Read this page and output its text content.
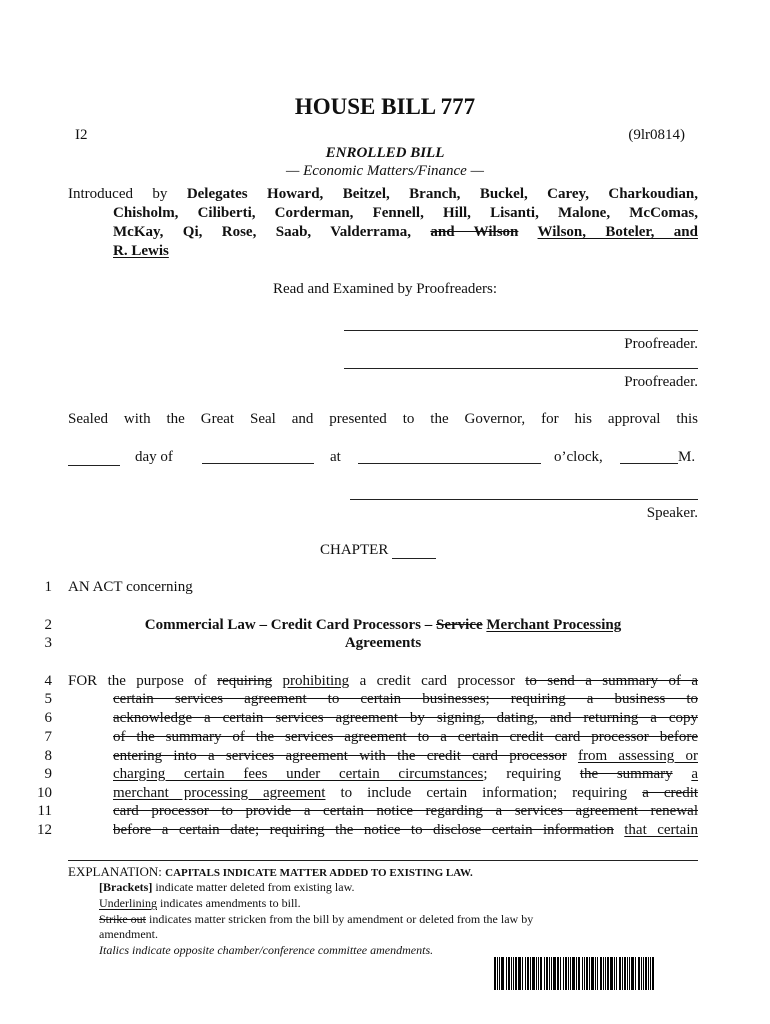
HOUSE BILL 777
I2	(9lr0814)
ENROLLED BILL
— Economic Matters/Finance —
Introduced by Delegates Howard, Beitzel, Branch, Buckel, Carey, Charkoudian,
Chisholm, Ciliberti, Corderman, Fennell, Hill, Lisanti, Malone, McComas,
McKay, Qi, Rose, Saab, Valderrama, and Wilson Wilson, Boteler, and
R. Lewis
Read and Examined by Proofreaders:
Proofreader.
Proofreader.
Sealed with the Great Seal and presented to the Governor, for his approval this
day of	at	o’clock,	M.
Speaker.
CHAPTER
1
2
3
4
5
6
7
8
9
10
11
12
AN ACT concerning
Commercial Law – Credit Card Processors – Service Merchant Processing
Agreements
FOR the purpose of requiring prohibiting a credit card processor to send a summary of a
certain services agreement to certain businesses; requiring a business to
acknowledge a certain services agreement by signing, dating, and returning a copy
of the summary of the services agreement to a certain credit card processor before
entering into a services agreement with the credit card processor from assessing or
charging certain fees under certain circumstances; requiring the summary a
merchant processing agreement to include certain information; requiring a credit
card processor to provide a certain notice regarding a services agreement renewal
before a certain date; requiring the notice to disclose certain information that certain
EXPLANATION: CAPITALS INDICATE MATTER ADDED TO EXISTING LAW.
[Brackets] indicate matter deleted from existing law.
Underlining indicates amendments to bill.
Strike out indicates matter stricken from the bill by amendment or deleted from the law by
amendment.
Italics indicate opposite chamber/conference committee amendments.
